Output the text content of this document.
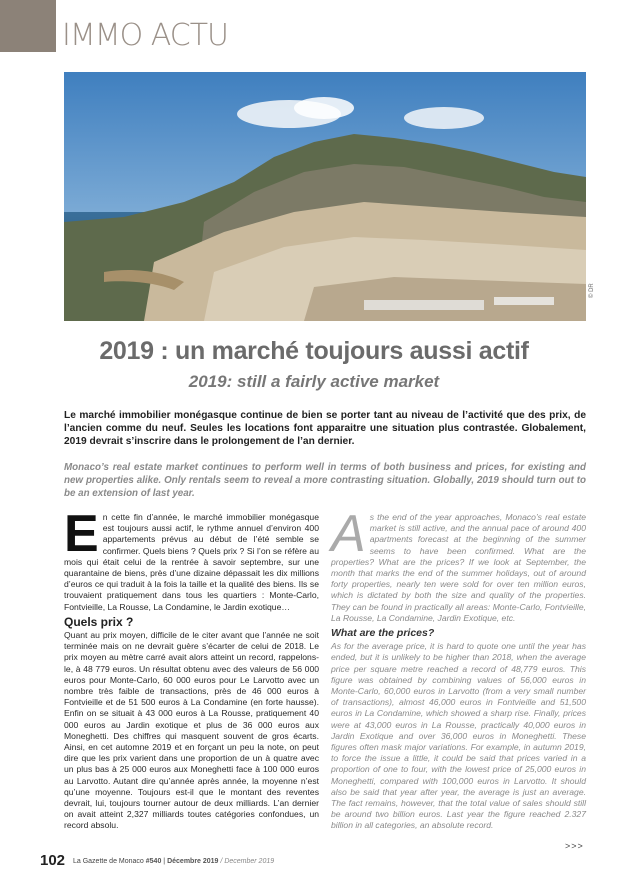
IMMO ACTU
© DR
2019 : un marché toujours aussi actif
2019: still a fairly active market
Le marché immobilier monégasque continue de bien se porter tant au niveau de l’activité que des prix, de l’ancien comme du neuf. Seules les locations font apparaitre une situation plus contrastée. Globalement, 2019 devrait s’inscrire dans le prolongement de l’an dernier.
Monaco’s real estate market continues to perform well in terms of both business and prices, for existing and new properties alike. Only rentals seem to reveal a more contrasting situation. Globally, 2019 should turn out to be an extension of last year.
E n cette fin d’année, le marché immobilier monégasque est toujours aussi actif, le rythme annuel d’environ 400 appartements prévus au début de l’été semble se confirmer. Quels biens ? Quels prix ? Si l’on se réfère au mois qui était celui de la rentrée à savoir septembre, sur une quarantaine de biens, près d’une dizaine dépassait les dix millions d’euros ce qui traduit à la fois la taille et la qualité des biens. Ils se trouvaient pratiquement dans tous les quartiers : Monte-Carlo, Fontvieille, La Rousse, La Condamine, le Jardin exotique…

Quels prix ?

Quant au prix moyen, difficile de le citer avant que l’année ne soit terminée mais on ne devrait guère s’écarter de celui de 2018. Le prix moyen au mètre carré avait alors atteint un record, rappelons-le, à 48 779 euros. Un résultat obtenu avec des valeurs de 56 000 euros pour Monte-Carlo, 60 000 euros pour Le Larvotto avec un nombre très faible de transactions, près de 46 000 euros à Fontvieille et de 51 500 euros à La Condamine (en forte hausse). Enfin on se situait à 43 000 euros à La Rousse, pratiquement 40 000 euros au Jardin exotique et plus de 36 000 euros aux Moneghetti. Des chiffres qui masquent souvent de gros écarts. Ainsi, en cet automne 2019 et en forçant un peu la note, on peut dire que les prix varient dans une proportion de un à quatre avec un plus bas à 25 000 euros aux Moneghetti face à 100 000 euros au Larvotto. Autant dire qu’année après année, la moyenne n’est qu’une moyenne. Toujours est-il que le montant des reventes devrait, lui, toujours tourner autour de deux milliards. L’an dernier on avait atteint 2,327 milliards toutes catégories confondues, un record absolu.

A s the end of the year approaches, Monaco’s real estate market is still active, and the annual pace of around 400 apartments forecast at the beginning of the summer seems to have been confirmed. What are the properties? What are the prices? If we look at September, the month that marks the end of the summer holidays, out of around forty properties, nearly ten were sold for over ten million euros, which is dictated by both the size and quality of the properties. They can be found in practically all areas: Monte-Carlo, Fontvieille, La Rousse, La Condamine, Jardin Exotique, etc.

What are the prices?

As for the average price, it is hard to quote one until the year has ended, but it is unlikely to be higher than 2018, when the average price per square metre reached a record of 48,779 euros. This figure was obtained by combining values of 56,000 euros in Monte-Carlo, 60,000 euros in Larvotto (from a very small number of transactions), almost 46,000 euros in Fontvieille and 51,500 euros in La Condamine, which showed a sharp rise. Finally, prices were at 43,000 euros in La Rousse, practically 40,000 euros in Jardin Exotique and over 36,000 euros in Moneghetti. These figures often mask major variations. For example, in autumn 2019, to force the issue a little, it could be said that prices varied in a proportion of one to four, with the lowest price of 25,000 euros in Moneghetti, compared with 100,000 euros in Larvotto. It should also be said that year after year, the average is just an average. The fact remains, however, that the total value of sales should still be around two billion euros. Last year the figure reached 2.327 billion in all categories, an absolute record.

102 La Gazette de Monaco #540 | Décembre 2019 / December 2019
>>>
